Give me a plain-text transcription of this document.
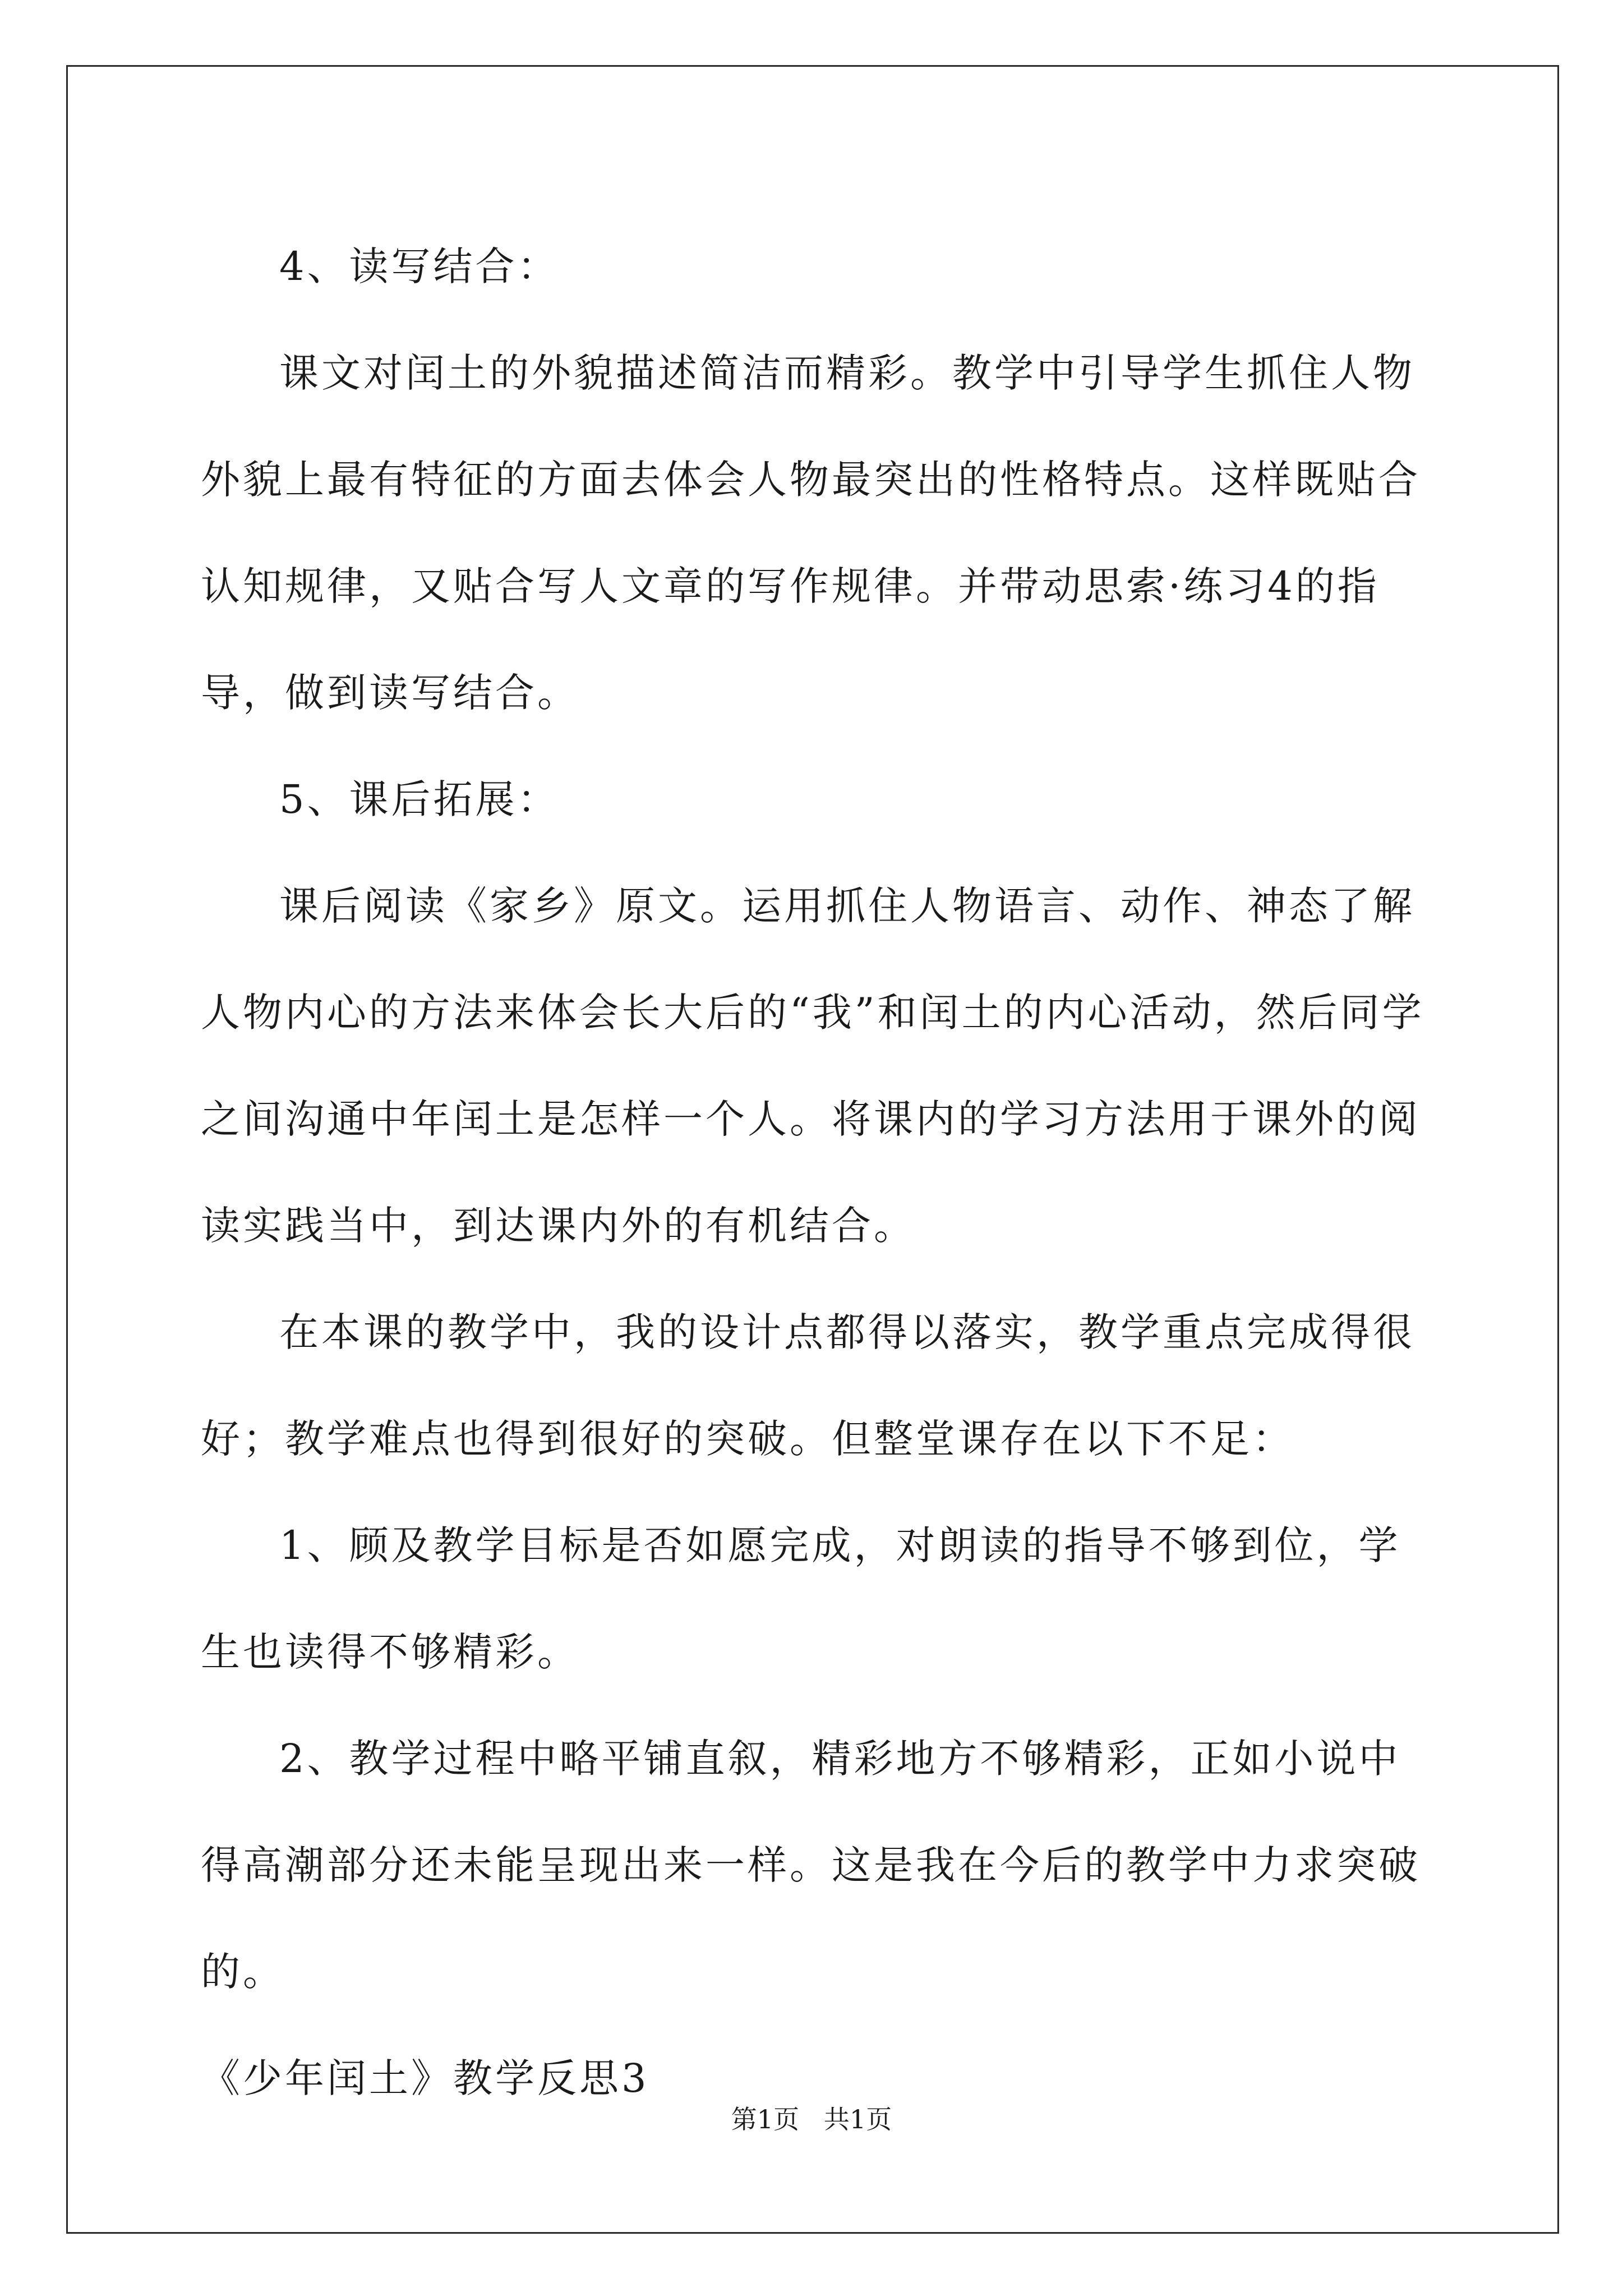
4、读写结合：

课文对闰土的外貌描述简洁而精彩。教学中引导学生抓住人物外貌上最有特征的方面去体会人物最突出的性格特点。这样既贴合认知规律，又贴合写人文章的写作规律。并带动思索·练习4的指导，做到读写结合。

5、课后拓展：

课后阅读《家乡》原文。运用抓住人物语言、动作、神态了解人物内心的方法来体会长大后的“我”和闰土的内心活动，然后同学之间沟通中年闰土是怎样一个人。将课内的学习方法用于课外的阅读实践当中，到达课内外的有机结合。

在本课的教学中，我的设计点都得以落实，教学重点完成得很好；教学难点也得到很好的突破。但整堂课存在以下不足：

1、顾及教学目标是否如愿完成，对朗读的指导不够到位，学生也读得不够精彩。

2、教学过程中略平铺直叙，精彩地方不够精彩，正如小说中得高潮部分还未能呈现出来一样。这是我在今后的教学中力求突破的。

《少年闰土》教学反思3

第1页   共1页
